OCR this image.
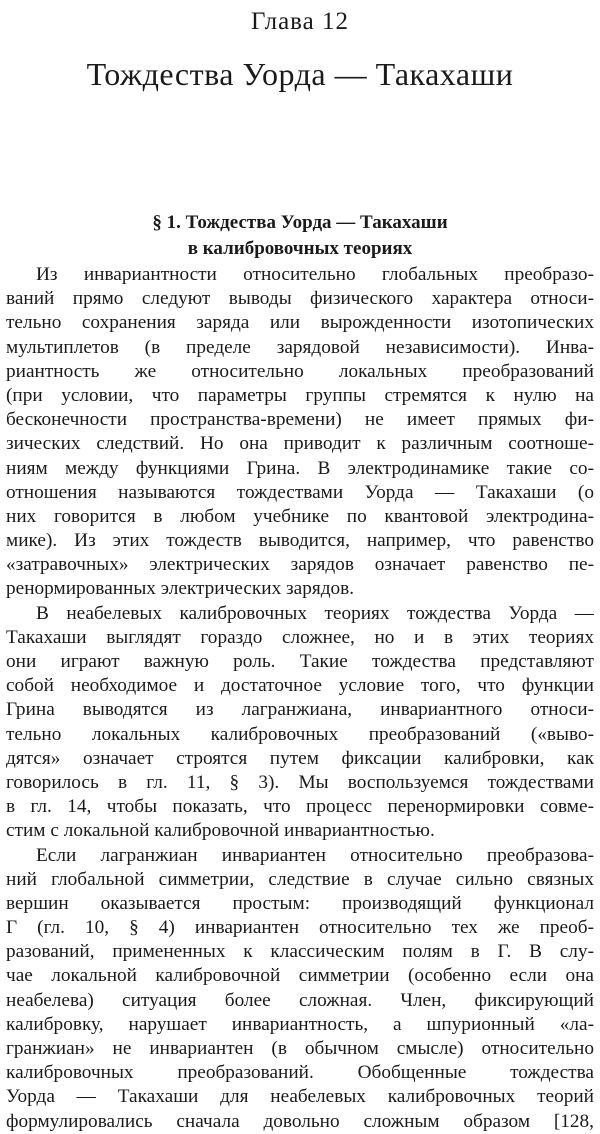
Глава 12
Тождества Уорда — Такахаши
§ 1. Тождества Уорда — Такахаши
в калибровочных теориях
Из инвариантности относительно глобальных преобразо-
ваний прямо следуют выводы физического характера относи-
тельно сохранения заряда или вырожденности изотопических
мультиплетов (в пределе зарядовой независимости). Инва-
риантность же относительно локальных преобразований
(при условии, что параметры группы стремятся к нулю на
бесконечности пространства-времени) не имеет прямых фи-
зических следствий. Но она приводит к различным соотноше-
ниям между функциями Грина. В электродинамике такие со-
отношения называются тождествами Уорда — Такахаши (о
них говорится в любом учебнике по квантовой электродина-
мике). Из этих тождеств выводится, например, что равенство
«затравочных» электрических зарядов означает равенство пе-
ренормированных электрических зарядов.
В неабелевых калибровочных теориях тождества Уорда —
Такахаши выглядят гораздо сложнее, но и в этих теориях
они играют важную роль. Такие тождества представляют
собой необходимое и достаточное условие того, что функции
Грина выводятся из лагранжиана, инвариантного относи-
тельно локальных калибровочных преобразований («выво-
дятся» означает строятся путем фиксации калибровки, как
говорилось в гл. 11, § 3). Мы воспользуемся тождествами
в гл. 14, чтобы показать, что процесс перенормировки совме-
стим с локальной калибровочной инвариантностью.
Если лагранжиан инвариантен относительно преобразова-
ний глобальной симметрии, следствие в случае сильно связных
вершин оказывается простым: производящий функционал
Г (гл. 10, § 4) инвариантен относительно тех же преоб-
разований, примененных к классическим полям в Г. В слу-
чае локальной калибровочной симметрии (особенно если она
неабелева) ситуация более сложная. Член, фиксирующий
калибровку, нарушает инвариантность, а шпурионный «ла-
гранжиан» не инвариантен (в обычном смысле) относительно
калибровочных преобразований. Обобщенные тождества
Уорда — Такахаши для неабелевых калибровочных теорий
формулировались сначала довольно сложным образом [128,
